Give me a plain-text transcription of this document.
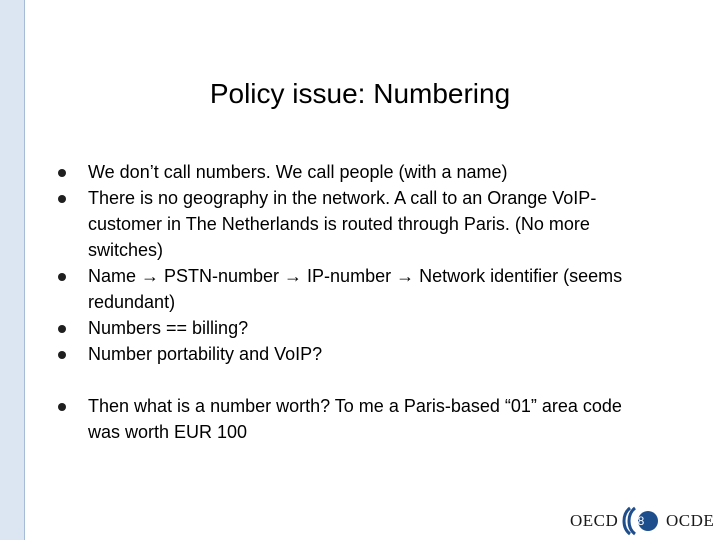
Policy issue: Numbering
We don’t call numbers. We call people (with a name)
There is no geography in the network. A call to an Orange VoIP-customer in The Netherlands is routed through Paris. (No more switches)
Name → PSTN-number → IP-number → Network identifier (seems redundant)
Numbers == billing?
Number portability and VoIP?
Then what is a number worth? To me a Paris-based “01” area code was worth EUR 100
OECD	8	OCDE
